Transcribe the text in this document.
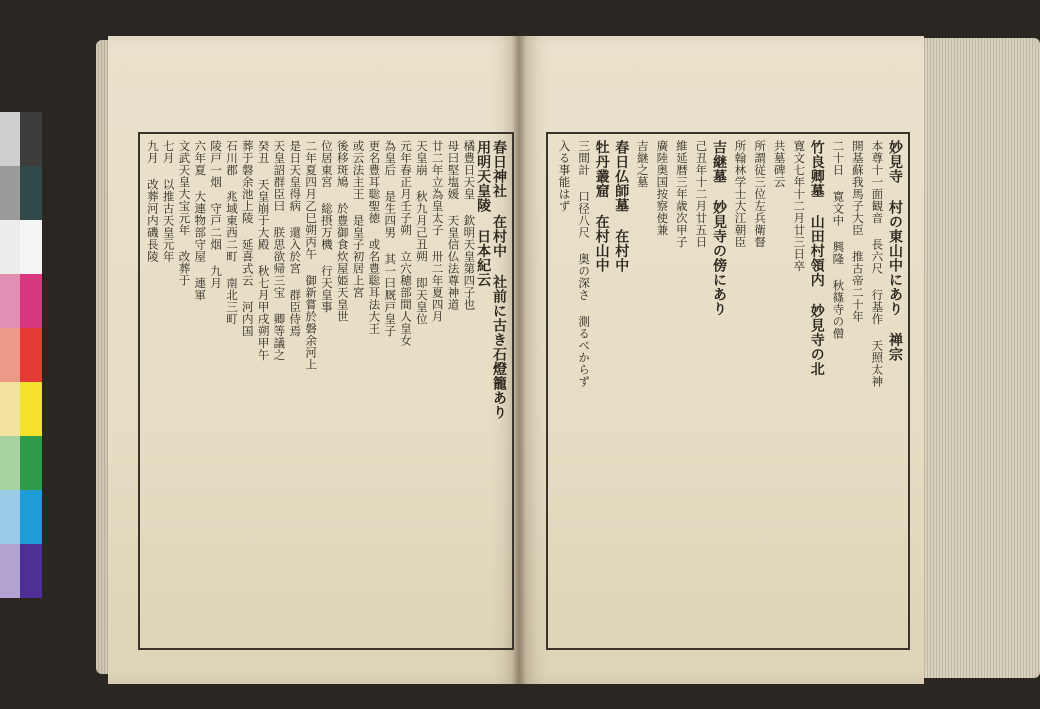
春日神社 在村中 社前に古き石燈籠あり
用明天皇陵 日本紀云
橘豊日天皇 欽明天皇第四子也
母曰堅塩媛 天皇信仏法尊神道
廿二年立為皇太子 卅二年夏四月
天皇崩 秋九月己丑朔 即天皇位
元年春正月壬子朔 立穴穂部間人皇女
為皇后 是生四男 其一曰厩戸皇子
更名豊耳聡聖徳 或名豊聡耳法大王
或云法主王 是皇子初居上宮
後移斑鳩 於豊御食炊屋姫天皇世
位居東宮 総摂万機 行天皇事
二年夏四月乙巳朔丙午 御新嘗於磐余河上
是日天皇得病 還入於宮 群臣侍焉
天皇詔群臣曰 朕思欲帰三宝 卿等議之
癸丑 天皇崩于大殿 秋七月甲戌朔甲午
葬于磐余池上陵 延喜式云 河内国
石川郡 兆域東西二町 南北三町
陵戸一烟 守戸二烟 九月
六年夏 大連物部守屋 連軍
文武天皇大宝元年 改葬于
七月 以推古天皇元年
九月 改葬河内磯長陵	妙見寺 村の東山中にあり 禅宗
本尊十一面観音 長六尺 行基作 天照太神
開基蘇我馬子大臣 推古帝二十年
二十日 寛文中 興隆 秋篠寺の僧
竹良卿墓 山田村領内 妙見寺の北
寛文七年十二月廿三日卒
共墓碑云
所謂従三位左兵衛督
所翰林学士大江朝臣
吉継墓 妙見寺の傍にあり
己丑年十二月廿五日
維延暦三年歳次甲子
廣陸奥国按察使兼
吉継之墓
春日仏師墓 在村中
牡丹叢窟 在村山中
三間計 口径八尺 奥の深さ 測るべからず
入る事能はず
